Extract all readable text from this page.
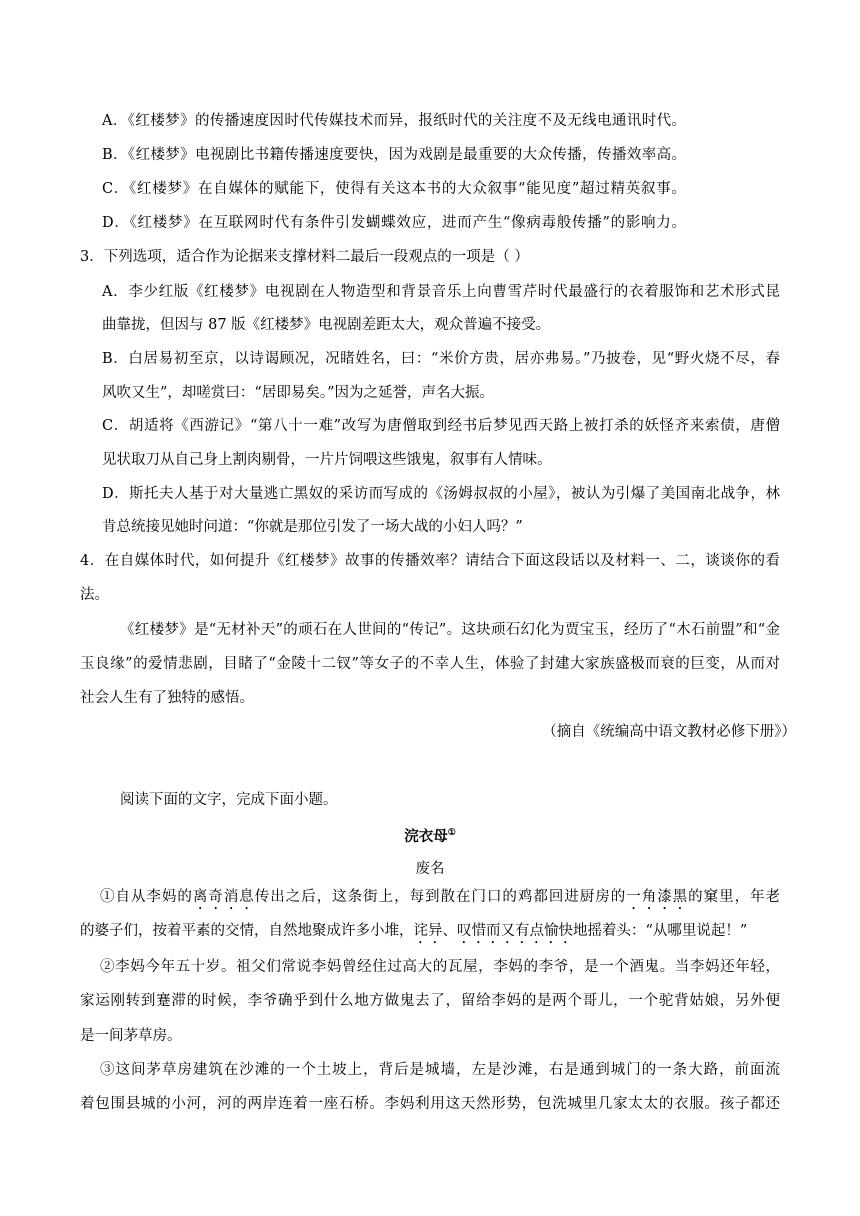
A．《红楼梦》的传播速度因时代传媒技术而异，报纸时代的关注度不及无线电通讯时代。
B．《红楼梦》电视剧比书籍传播速度要快，因为戏剧是最重要的大众传播，传播效率高。
C．《红楼梦》在自媒体的赋能下，使得有关这本书的大众叙事“能见度”超过精英叙事。
D．《红楼梦》在互联网时代有条件引发蝴蝶效应，进而产生“像病毒般传播”的影响力。
3．下列选项，适合作为论据来支撑材料二最后一段观点的一项是（ ）
A．李少红版《红楼梦》电视剧在人物造型和背景音乐上向曹雪芹时代最盛行的衣着服饰和艺术形式昆
曲靠拢，但因与 87 版《红楼梦》电视剧差距太大，观众普遍不接受。
B．白居易初至京，以诗谒顾况，况睹姓名，曰：“米价方贵，居亦弗易。”乃披卷，见“野火烧不尽，春
风吹又生”，却嗟赏曰：“居即易矣。”因为之延誉，声名大振。
C．胡适将《西游记》“第八十一难”改写为唐僧取到经书后梦见西天路上被打杀的妖怪齐来索债，唐僧
见状取刀从自己身上割肉剔骨，一片片饲喂这些饿鬼，叙事有人情味。
D．斯托夫人基于对大量逃亡黑奴的采访而写成的《汤姆叔叔的小屋》，被认为引爆了美国南北战争，林
肯总统接见她时问道：“你就是那位引发了一场大战的小妇人吗？”
4．在自媒体时代，如何提升《红楼梦》故事的传播效率？请结合下面这段话以及材料一、二，谈谈你的看
法。
《红楼梦》是“无材补天”的顽石在人世间的“传记”。这块顽石幻化为贾宝玉，经历了“木石前盟”和“金
玉良缘”的爱情悲剧，目睹了“金陵十二钗”等女子的不幸人生，体验了封建大家族盛极而衰的巨变，从而对
社会人生有了独特的感悟。
（摘自《统编高中语文教材必修下册》）
阅读下面的文字，完成下面小题。
浣衣母①
废名
①自从李妈的离奇消息传出之后，这条街上，每到散在门口的鸡都回进厨房的一角漆黑的窠里，年老
的婆子们，按着平素的交情，自然地聚成许多小堆，诧异、叹惜而又有点愉快地摇着头：“从哪里说起！”
②李妈今年五十岁。祖父们常说李妈曾经住过高大的瓦屋，李妈的李爷，是一个酒鬼。当李妈还年轻，
家运刚转到蹇滞的时候，李爷确乎到什么地方做鬼去了，留给李妈的是两个哥儿，一个驼背姑娘，另外便
是一间茅草房。
③这间茅草房建筑在沙滩的一个土坡上，背后是城墙，左是沙滩，右是通到城门的一条大路，前面流
着包围县城的小河，河的两岸连着一座石桥。李妈利用这天然形势，包洗城里几家太太的衣服。孩子都还
